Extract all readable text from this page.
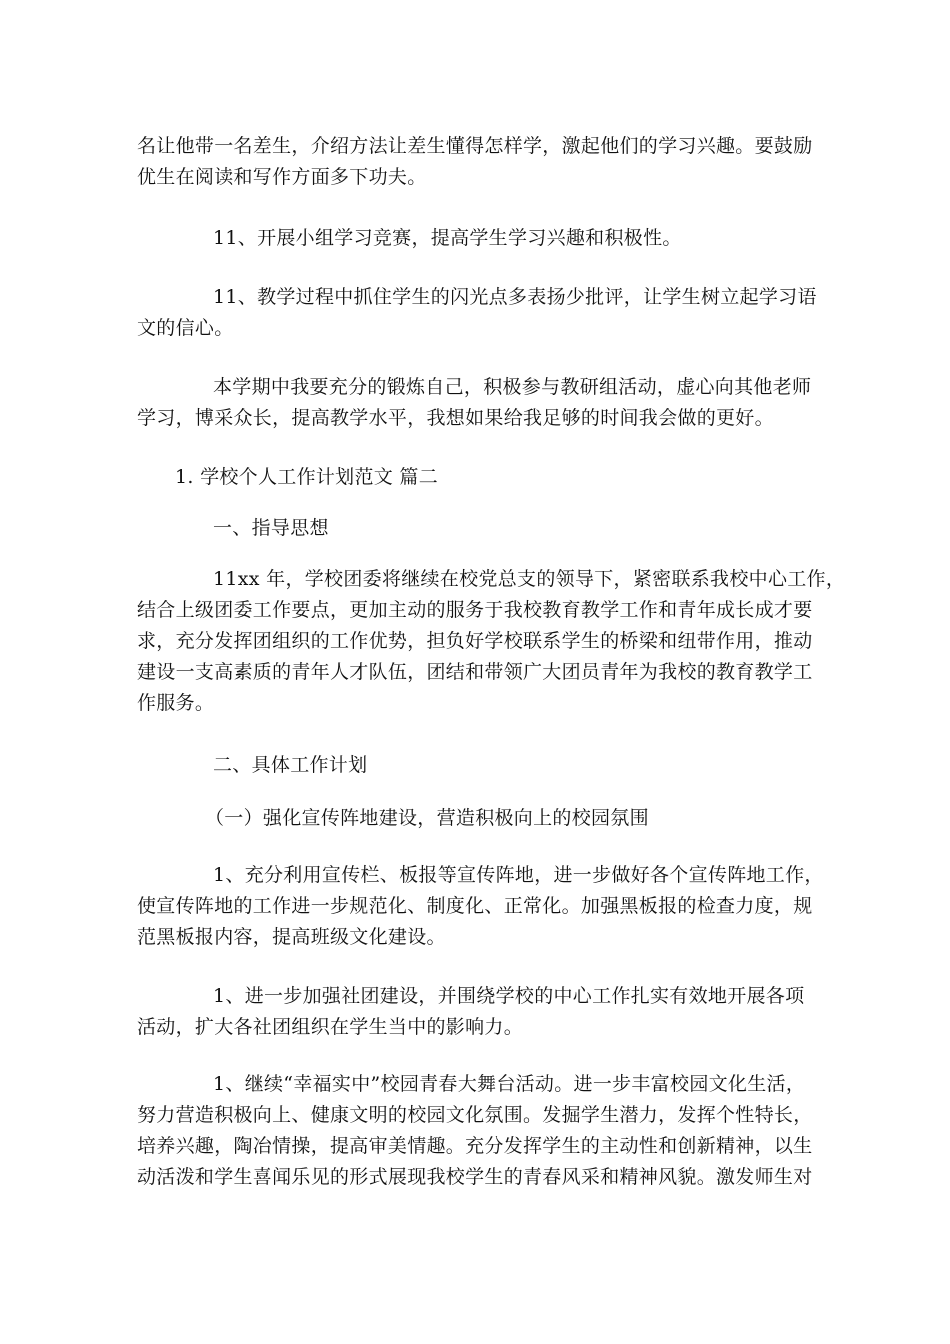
名让他带一名差生，介绍方法让差生懂得怎样学，激起他们的学习兴趣。要鼓励
优生在阅读和写作方面多下功夫。

11、开展小组学习竞赛，提高学生学习兴趣和积极性。

11、教学过程中抓住学生的闪光点多表扬少批评，让学生树立起学习语
文的信心。

本学期中我要充分的锻炼自己，积极参与教研组活动，虚心向其他老师
学习，博采众长，提高教学水平，我想如果给我足够的时间我会做的更好。

1. 学校个人工作计划范文 篇二

一、指导思想

11xx 年，学校团委将继续在校党总支的领导下，紧密联系我校中心工作，
结合上级团委工作要点，更加主动的服务于我校教育教学工作和青年成长成才要
求，充分发挥团组织的工作优势，担负好学校联系学生的桥梁和纽带作用，推动
建设一支高素质的青年人才队伍，团结和带领广大团员青年为我校的教育教学工
作服务。

二、具体工作计划

（一）强化宣传阵地建设，营造积极向上的校园氛围

1、充分利用宣传栏、板报等宣传阵地，进一步做好各个宣传阵地工作，
使宣传阵地的工作进一步规范化、制度化、正常化。加强黑板报的检查力度，规
范黑板报内容，提高班级文化建设。

1、进一步加强社团建设，并围绕学校的中心工作扎实有效地开展各项
活动，扩大各社团组织在学生当中的影响力。

1、继续“幸福实中”校园青春大舞台活动。进一步丰富校园文化生活，
努力营造积极向上、健康文明的校园文化氛围。发掘学生潜力，发挥个性特长，
培养兴趣，陶冶情操，提高审美情趣。充分发挥学生的主动性和创新精神，以生
动活泼和学生喜闻乐见的形式展现我校学生的青春风采和精神风貌。激发师生对
